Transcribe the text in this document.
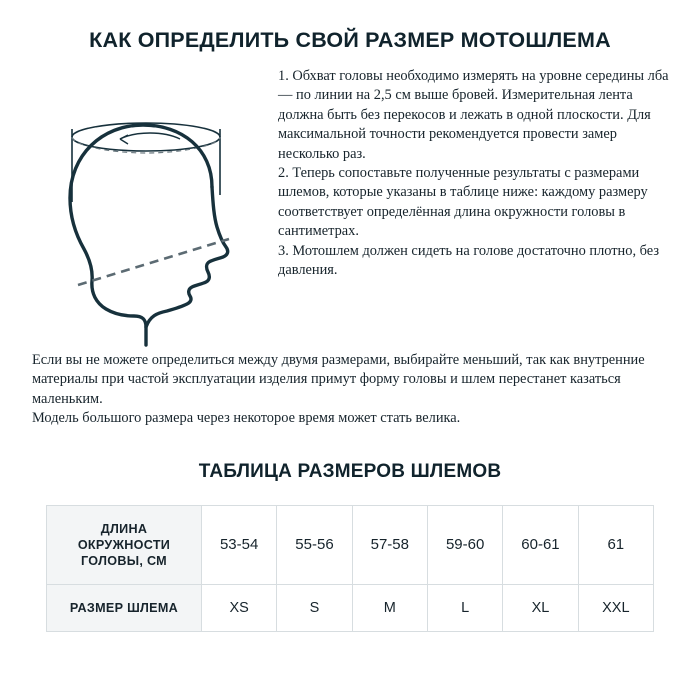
КАК ОПРЕДЕЛИТЬ СВОЙ РАЗМЕР МОТОШЛЕМА

1. Обхват головы необходимо измерять на уровне середины лба — по линии на 2,5 см выше бровей. Измерительная лента должна быть без перекосов и лежать в одной плоскости. Для максимальной точности рекомендуется провести замер несколько раз.

2. Теперь сопоставьте полученные результаты с размерами шлемов, которые указаны в таблице ниже: каждому размеру соответствует определённая длина окружности головы в сантиметрах.

3. Мотошлем должен сидеть на голове достаточно плотно, без давления.

Если вы не можете определиться между двумя размерами, выбирайте меньший, так как внутренние материалы при частой эксплуатации изделия примут форму головы и шлем перестанет казаться маленьким.

Модель большого размера через некоторое время может стать велика.

ТАБЛИЦА РАЗМЕРОВ ШЛЕМОВ
ДЛИНА
ОКРУЖНОСТИ
ГОЛОВЫ, СМ	53-54	55-56	57-58	59-60	60-61	61
РАЗМЕР ШЛЕМА	XS	S	M	L	XL	XXL
